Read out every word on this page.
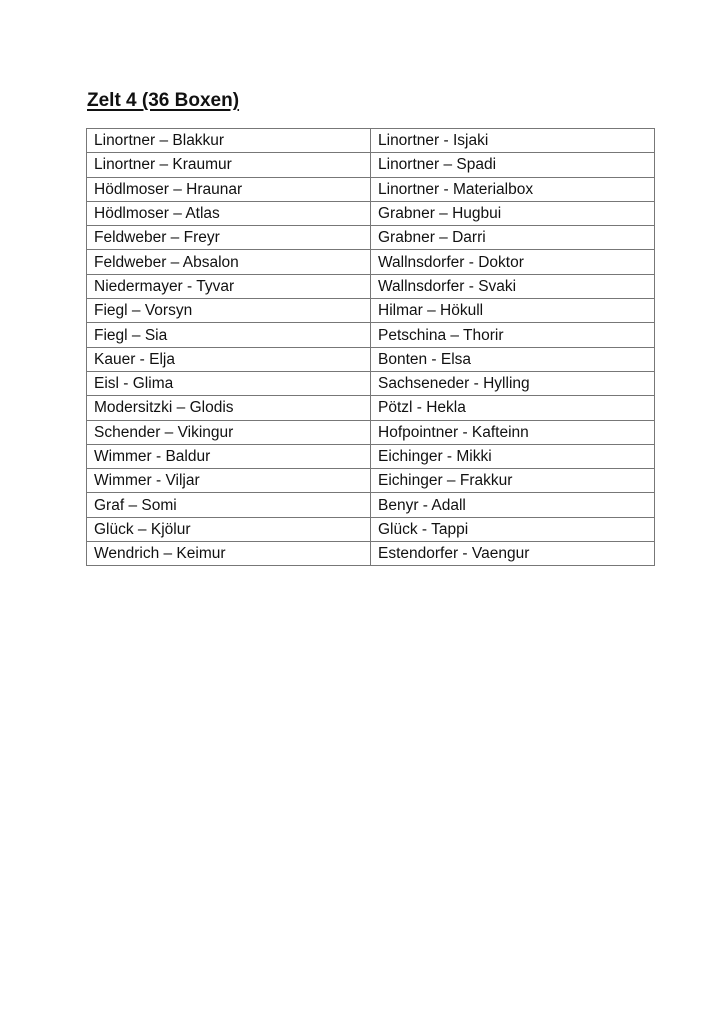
Zelt 4 (36 Boxen)
Linortner – Blakkur	Linortner - Isjaki
Linortner – Kraumur	Linortner – Spadi
Hödlmoser – Hraunar	Linortner - Materialbox
Hödlmoser – Atlas	Grabner – Hugbui
Feldweber – Freyr	Grabner – Darri
Feldweber – Absalon	Wallnsdorfer - Doktor
Niedermayer - Tyvar	Wallnsdorfer - Svaki
Fiegl – Vorsyn	Hilmar – Hökull
Fiegl – Sia	Petschina – Thorir
Kauer - Elja	Bonten - Elsa
Eisl - Glima	Sachseneder - Hylling
Modersitzki – Glodis	Pötzl - Hekla
Schender – Vikingur	Hofpointner - Kafteinn
Wimmer - Baldur	Eichinger - Mikki
Wimmer - Viljar	Eichinger – Frakkur
Graf – Somi	Benyr - Adall
Glück – Kjölur	Glück - Tappi
Wendrich – Keimur	Estendorfer - Vaengur
